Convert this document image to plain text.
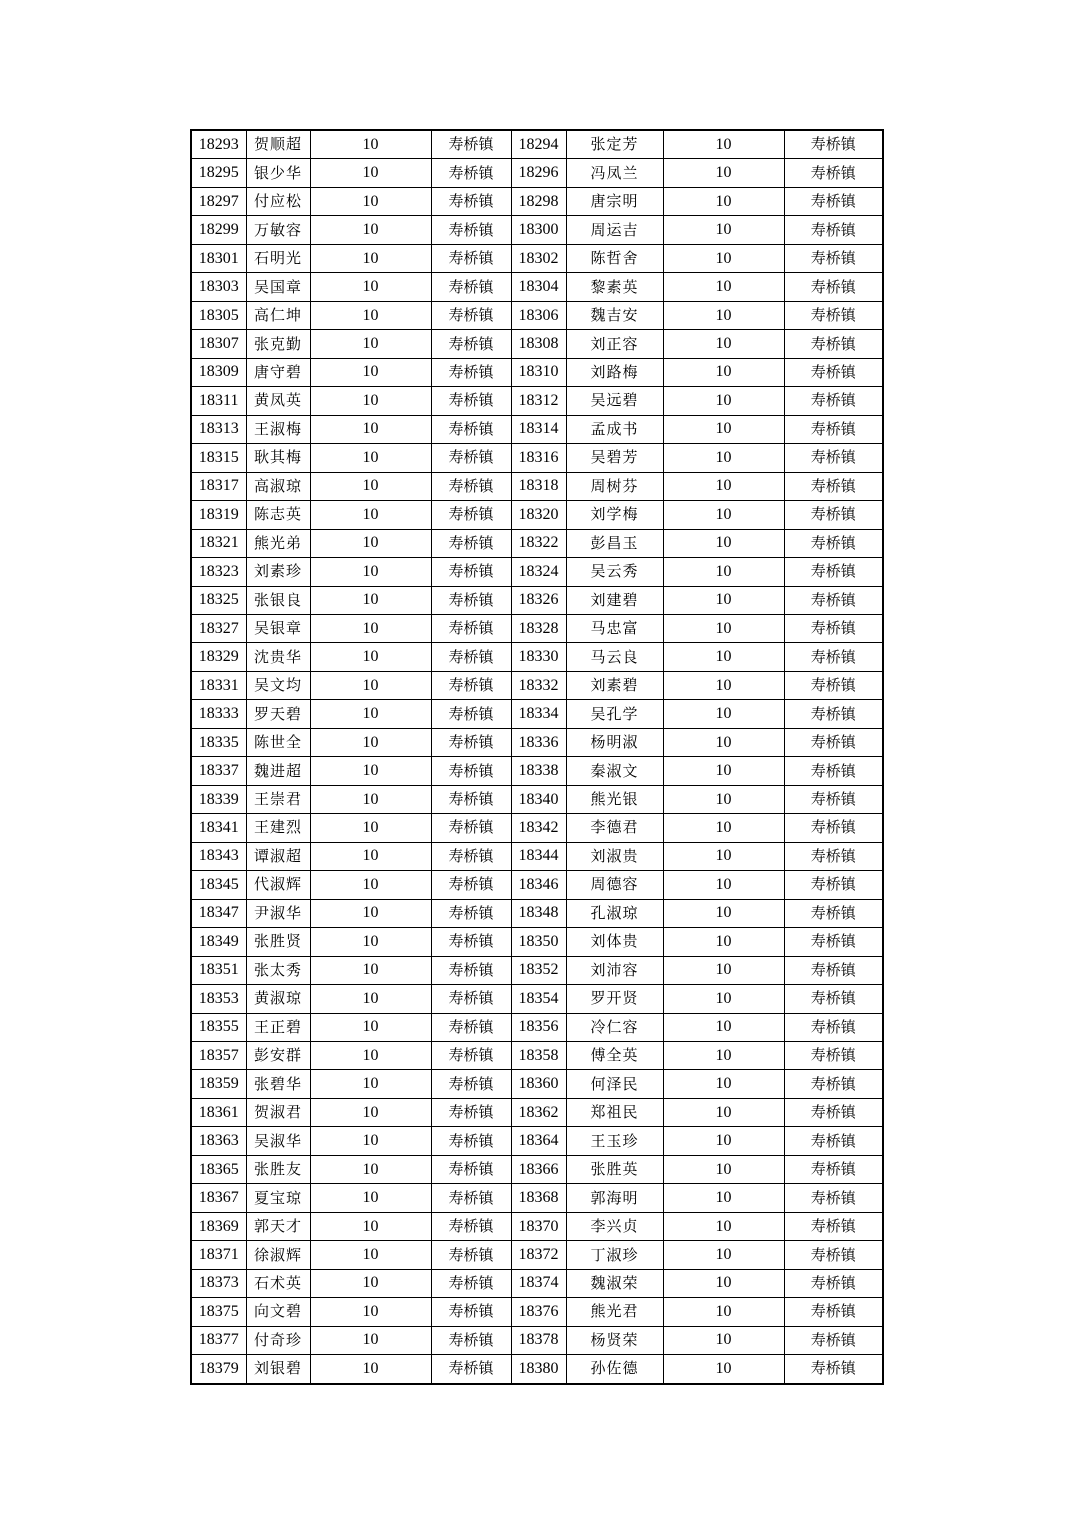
18293	贺顺超	10	寿桥镇	18294	张定芳	10	寿桥镇
18295	银少华	10	寿桥镇	18296	冯凤兰	10	寿桥镇
18297	付应松	10	寿桥镇	18298	唐宗明	10	寿桥镇
18299	万敏容	10	寿桥镇	18300	周运吉	10	寿桥镇
18301	石明光	10	寿桥镇	18302	陈哲舍	10	寿桥镇
18303	吴国章	10	寿桥镇	18304	黎素英	10	寿桥镇
18305	高仁坤	10	寿桥镇	18306	魏吉安	10	寿桥镇
18307	张克勤	10	寿桥镇	18308	刘正容	10	寿桥镇
18309	唐守碧	10	寿桥镇	18310	刘路梅	10	寿桥镇
18311	黄凤英	10	寿桥镇	18312	吴远碧	10	寿桥镇
18313	王淑梅	10	寿桥镇	18314	孟成书	10	寿桥镇
18315	耿其梅	10	寿桥镇	18316	吴碧芳	10	寿桥镇
18317	高淑琼	10	寿桥镇	18318	周树芬	10	寿桥镇
18319	陈志英	10	寿桥镇	18320	刘学梅	10	寿桥镇
18321	熊光弟	10	寿桥镇	18322	彭昌玉	10	寿桥镇
18323	刘素珍	10	寿桥镇	18324	吴云秀	10	寿桥镇
18325	张银良	10	寿桥镇	18326	刘建碧	10	寿桥镇
18327	吴银章	10	寿桥镇	18328	马忠富	10	寿桥镇
18329	沈贵华	10	寿桥镇	18330	马云良	10	寿桥镇
18331	吴文均	10	寿桥镇	18332	刘素碧	10	寿桥镇
18333	罗天碧	10	寿桥镇	18334	吴孔学	10	寿桥镇
18335	陈世全	10	寿桥镇	18336	杨明淑	10	寿桥镇
18337	魏进超	10	寿桥镇	18338	秦淑文	10	寿桥镇
18339	王崇君	10	寿桥镇	18340	熊光银	10	寿桥镇
18341	王建烈	10	寿桥镇	18342	李德君	10	寿桥镇
18343	谭淑超	10	寿桥镇	18344	刘淑贵	10	寿桥镇
18345	代淑辉	10	寿桥镇	18346	周德容	10	寿桥镇
18347	尹淑华	10	寿桥镇	18348	孔淑琼	10	寿桥镇
18349	张胜贤	10	寿桥镇	18350	刘体贵	10	寿桥镇
18351	张太秀	10	寿桥镇	18352	刘沛容	10	寿桥镇
18353	黄淑琼	10	寿桥镇	18354	罗开贤	10	寿桥镇
18355	王正碧	10	寿桥镇	18356	冷仁容	10	寿桥镇
18357	彭安群	10	寿桥镇	18358	傅全英	10	寿桥镇
18359	张碧华	10	寿桥镇	18360	何泽民	10	寿桥镇
18361	贺淑君	10	寿桥镇	18362	郑祖民	10	寿桥镇
18363	吴淑华	10	寿桥镇	18364	王玉珍	10	寿桥镇
18365	张胜友	10	寿桥镇	18366	张胜英	10	寿桥镇
18367	夏宝琼	10	寿桥镇	18368	郭海明	10	寿桥镇
18369	郭天才	10	寿桥镇	18370	李兴贞	10	寿桥镇
18371	徐淑辉	10	寿桥镇	18372	丁淑珍	10	寿桥镇
18373	石术英	10	寿桥镇	18374	魏淑荣	10	寿桥镇
18375	向文碧	10	寿桥镇	18376	熊光君	10	寿桥镇
18377	付奇珍	10	寿桥镇	18378	杨贤荣	10	寿桥镇
18379	刘银碧	10	寿桥镇	18380	孙佐德	10	寿桥镇
